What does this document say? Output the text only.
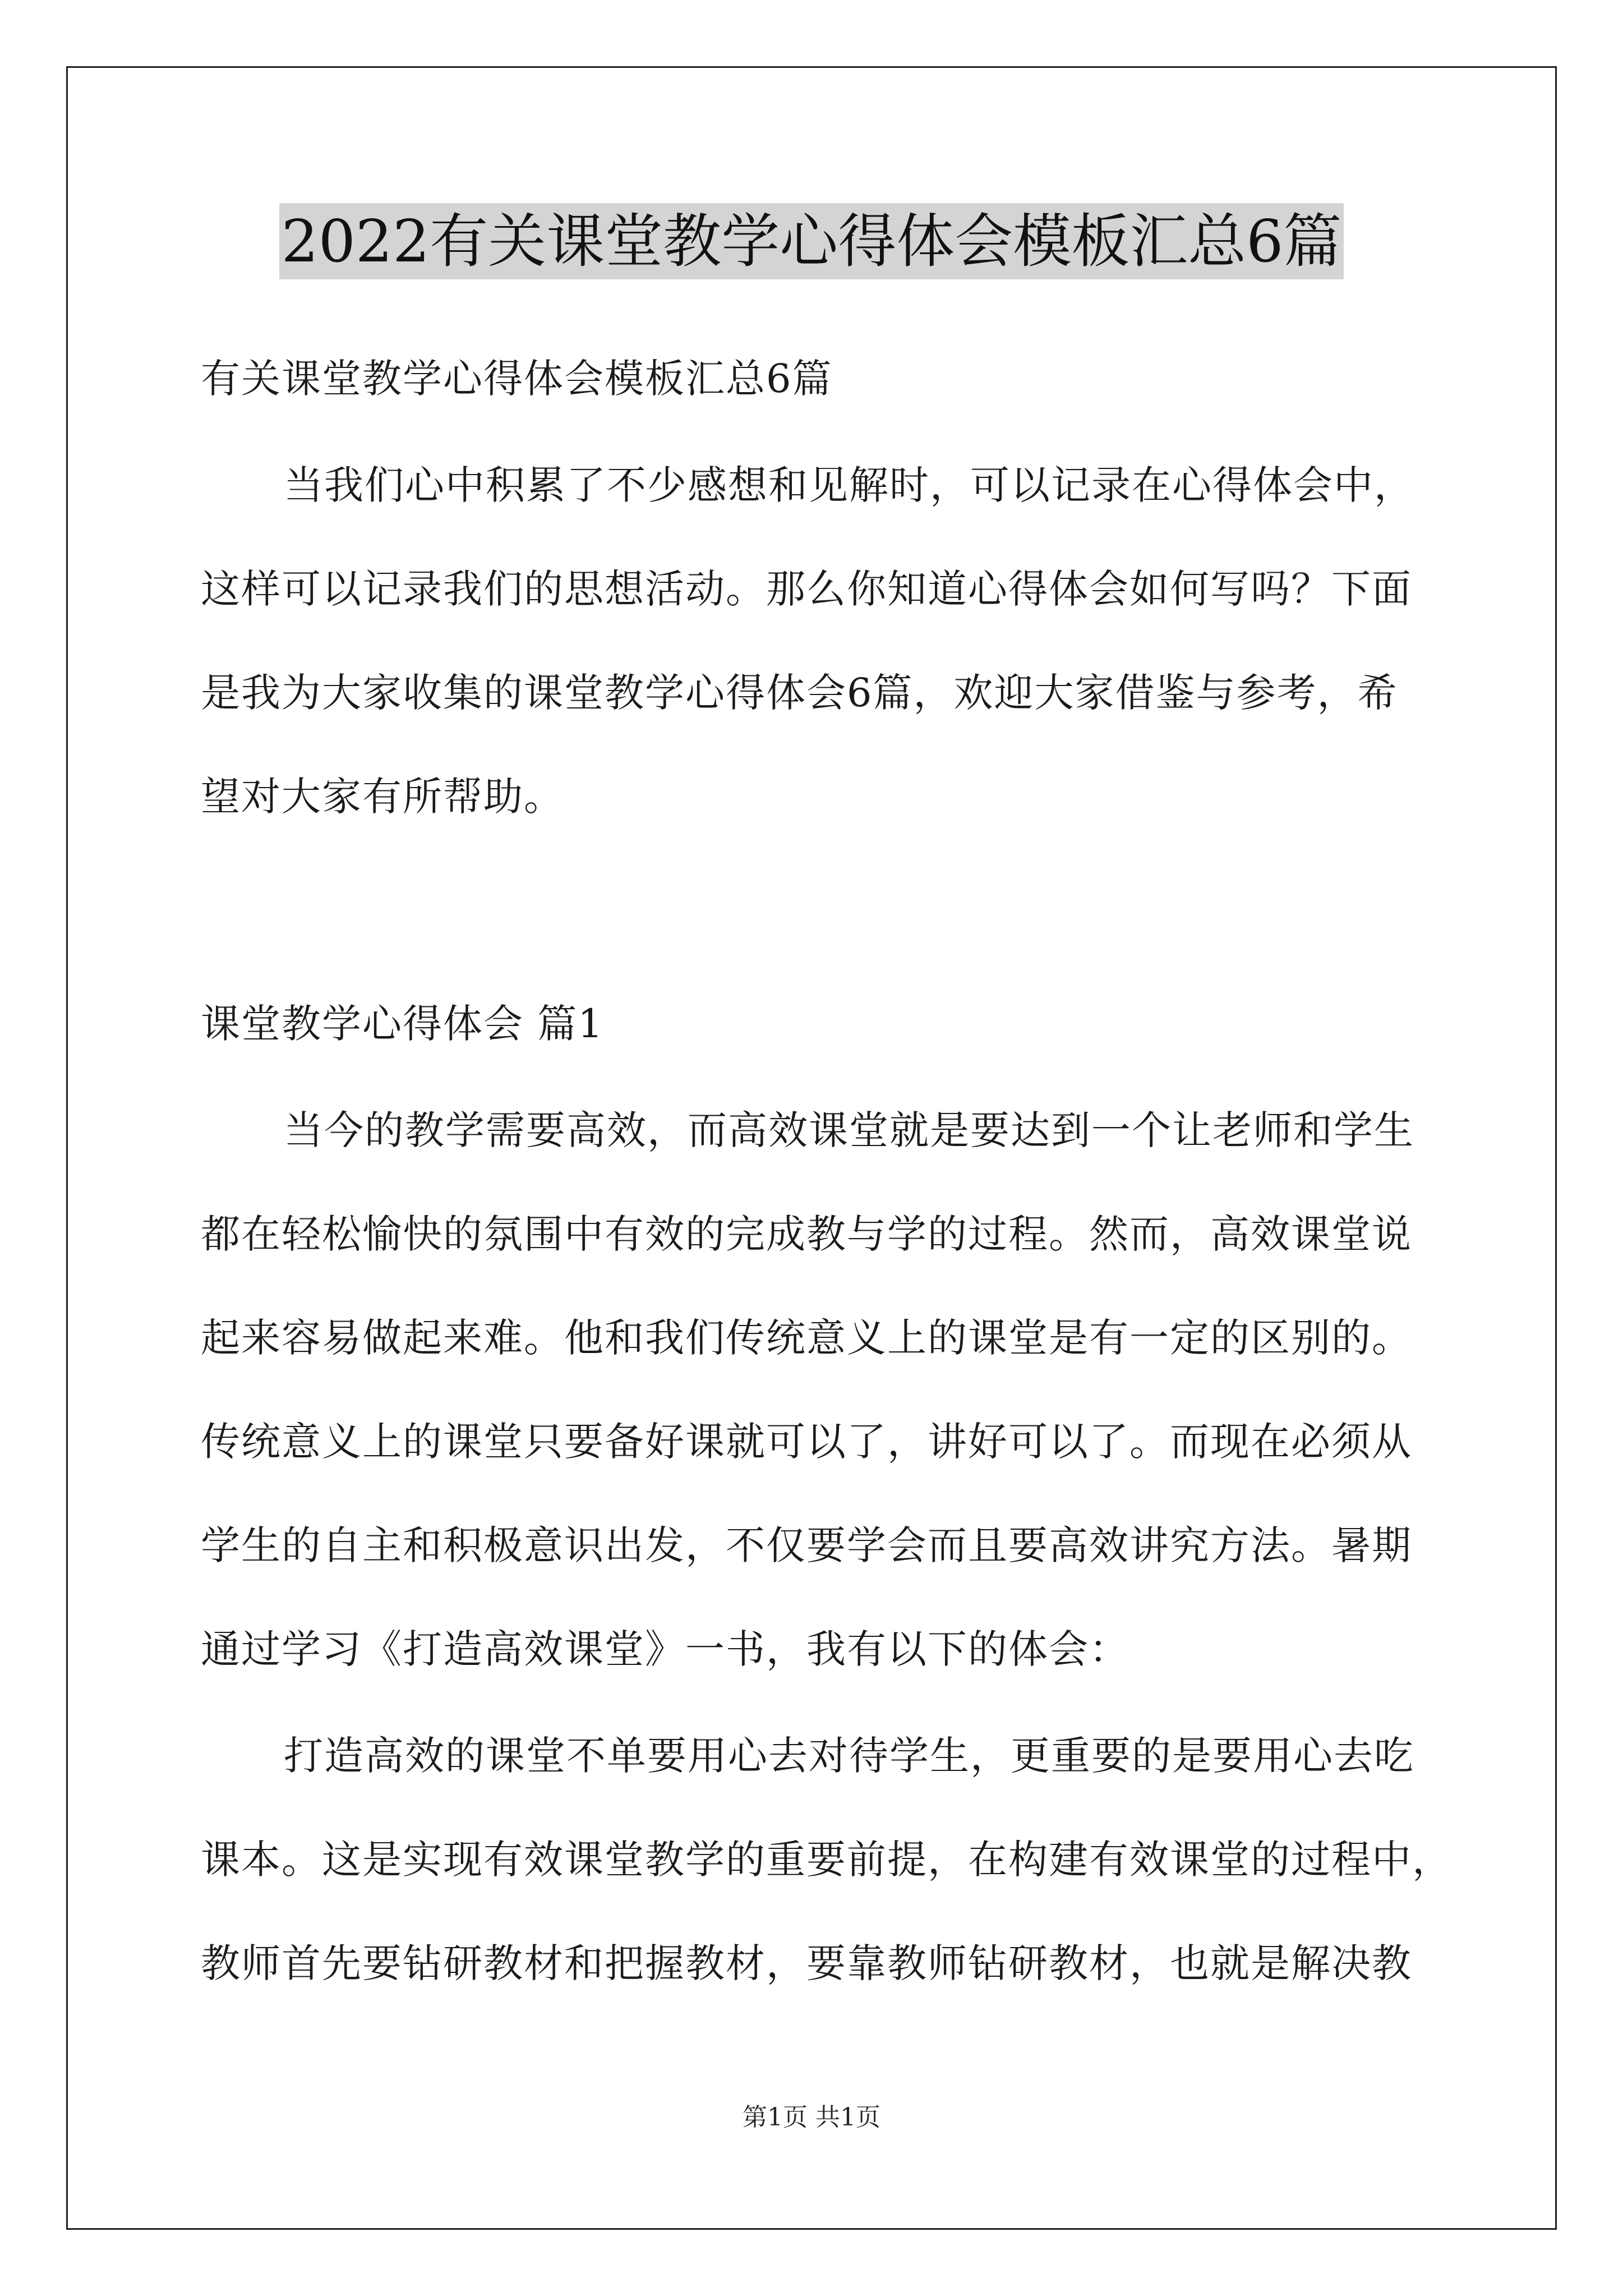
2022有关课堂教学心得体会模板汇总6篇
有关课堂教学心得体会模板汇总6篇
当我们心中积累了不少感想和见解时，可以记录在心得体会中，
这样可以记录我们的思想活动。那么你知道心得体会如何写吗？下面
是我为大家收集的课堂教学心得体会6篇，欢迎大家借鉴与参考，希
望对大家有所帮助。
课堂教学心得体会 篇1
当今的教学需要高效，而高效课堂就是要达到一个让老师和学生
都在轻松愉快的氛围中有效的完成教与学的过程。然而，高效课堂说
起来容易做起来难。他和我们传统意义上的课堂是有一定的区别的。
传统意义上的课堂只要备好课就可以了，讲好可以了。而现在必须从
学生的自主和积极意识出发，不仅要学会而且要高效讲究方法。暑期
通过学习《打造高效课堂》一书，我有以下的体会：
打造高效的课堂不单要用心去对待学生，更重要的是要用心去吃
课本。这是实现有效课堂教学的重要前提，在构建有效课堂的过程中，
教师首先要钻研教材和把握教材，要靠教师钻研教材，也就是解决教
第1页 共1页
